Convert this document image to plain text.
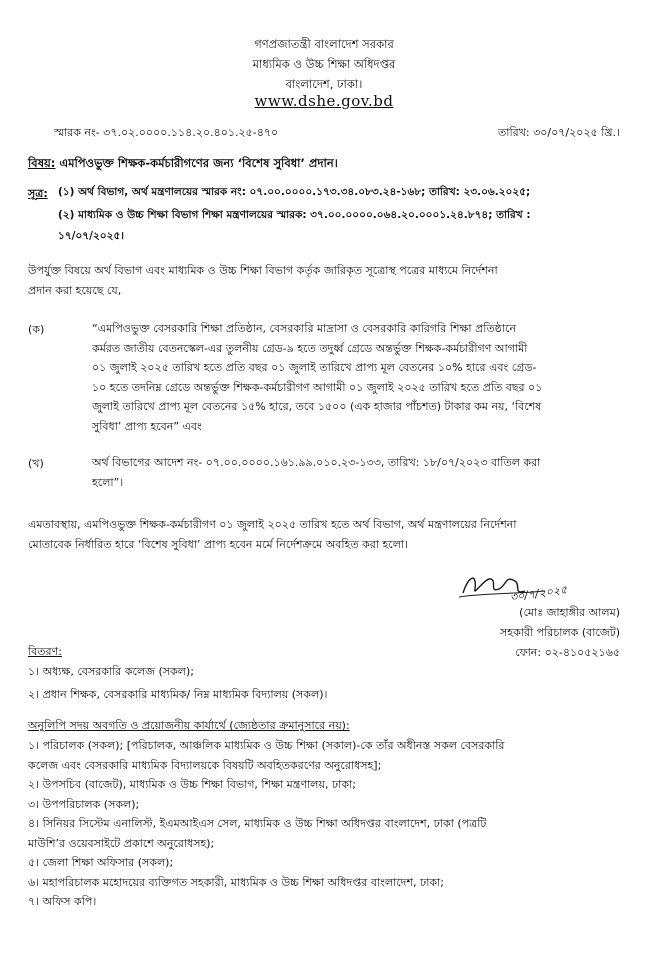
গণপ্রজাতন্ত্রী বাংলাদেশ সরকার
মাধ্যমিক ও উচ্চ শিক্ষা অধিদপ্তর
বাংলাদেশ, ঢাকা।
www.dshe.gov.bd
স্মারক নং- ৩৭.০২.০০০০.১১৪.২০.৪০১.২৫-৪৭০	তারিখ: ৩০/০৭/২০২৫ খ্রি.।
বিষয়: এমপিওভুক্ত শিক্ষক-কর্মচারীগণের জন্য ‘বিশেষ সুবিধা’ প্রদান।
সূত্র: (১) অর্থ বিভাগ, অর্থ মন্ত্রণালয়ের স্মারক নং: ০৭.০০.০০০০.১৭৩.৩৪.০৮৩.২৪-১৬৮; তারিখ: ২৩.০৬.২০২৫;
(২) মাধ্যমিক ও উচ্চ শিক্ষা বিভাগ শিক্ষা মন্ত্রণালয়ের স্মারক: ৩৭.০০.০০০০.০৬৪.২০.০০০১.২৪.৮৭৪; তারিখ :
১৭/০৭/২০২৫।
উপর্যুক্ত বিষয়ে অর্থ বিভাগ এবং মাধ্যমিক ও উচ্চ শিক্ষা বিভাগ কর্তৃক জারিকৃত সূত্রোস্থ পত্রের মাধ্যমে নির্দেশনা
প্রদান করা হয়েছে যে,
(ক)	“এমপিওভুক্ত বেসরকারি শিক্ষা প্রতিষ্ঠান, বেসরকারি মাদ্রাসা ও বেসরকারি কারিগরি শিক্ষা প্রতিষ্ঠানে
কর্মরত জাতীয় বেতনস্কেল-এর তুলনীয় গ্রেড-৯ হতে তদুর্ধ্ব গ্রেডে অন্তর্ভুক্ত শিক্ষক-কর্মচারীগণ আগামী
০১ জুলাই ২০২৫ তারিখ হতে প্রতি বছর ০১ জুলাই তারিখে প্রাপ্য মূল বেতনের ১০% হারে এবং গ্রেড-
১০ হতে তদনিম্ন গ্রেডে অন্তর্ভুক্ত শিক্ষক-কর্মচারীগণ আগামী ০১ জুলাই ২০২৫ তারিখ হতে প্রতি বছর ০১
জুলাই তারিখে প্রাপ্য মূল বেতনের ১৫% হারে, তবে ১৫০০ (এক হাজার পাঁচশত) টাকার কম নয়, ‘বিশেষ
সুবিধা’ প্রাপ্য হবেন” এবং
(খ)	অর্থ বিভাগের আদেশ নং- ০৭.০০.০০০০.১৬১.৯৯.০১০.২৩-১৩৩, তারিখ: ১৮/০৭/২০২৩ বাতিল করা
হলো”।
এমতাবস্থায়, এমপিওভুক্ত শিক্ষক-কর্মচারীগণ ০১ জুলাই ২০২৫ তারিখ হতে অর্থ বিভাগ, অর্থ মন্ত্রণালয়ের নির্দেশনা
মোতাবেক নির্ধারিত হারে ‘বিশেষ সুবিধা’ প্রাপ্য হবেন মর্মে নির্দেশক্রমে অবহিত করা হলো।
৩০/৭/২০২৫
(মোঃ জাহাঙ্গীর আলম)
সহকারী পরিচালক (বাজেট)
ফোন: ০২-৪১০৫২১৬৫
বিতরণ:
১। অধ্যক্ষ, বেসরকারি কলেজ (সকল);
২। প্রধান শিক্ষক, বেসরকারি মাধ্যমিক/ নিম্ন মাধ্যমিক বিদ্যালয় (সকল)।
অনুলিপি সদয় অবগতি ও প্রয়োজনীয় কার্যার্থে (জ্যেষ্ঠতার ক্রমানুসারে নয়):
১। পরিচালক (সকল); [পরিচালক, আঞ্চলিক মাধ্যমিক ও উচ্চ শিক্ষা (সকাল)-কে তাঁর অধীনস্ত সকল বেসরকারি
কলেজ এবং বেসরকারি মাধ্যমিক বিদ্যালয়কে বিষয়টি অবহিতকরণের অনুরোধসহ];
২। উপসচিব (বাজেট), মাধ্যমিক ও উচ্চ শিক্ষা বিভাগ, শিক্ষা মন্ত্রণালয়, ঢাকা;
৩। উপপরিচালক (সকল);
৪। সিনিয়র সিস্টেম এনালিস্ট, ইএমআইএস সেল, মাধ্যমিক ও উচ্চ শিক্ষা অধিদপ্তর বাংলাদেশ, ঢাকা (পত্রটি
মাউশি’র ওয়েবসাইটে প্রকাশে অনুরোধসহ);
৫। জেলা শিক্ষা অফিসার (সকল);
৬। মহাপরিচালক মহোদয়ের ব্যক্তিগত সহকারী, মাধ্যমিক ও উচ্চ শিক্ষা অধিদপ্তর বাংলাদেশ, ঢাকা;
৭। অফিস কপি।
